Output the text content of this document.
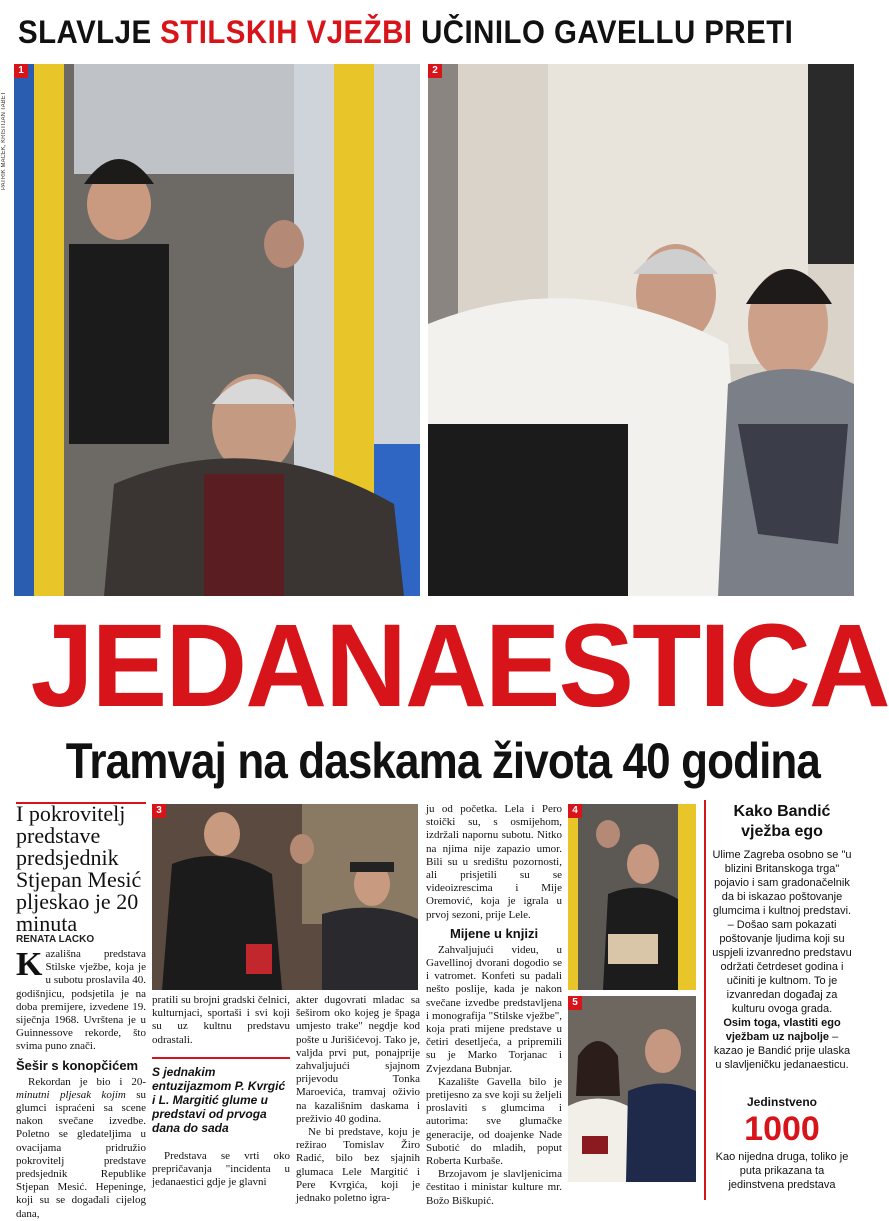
SLAVLJE STILSKIH VJEŽBI UČINILO GAVELLU PRETI
PATRIK MACEK, KRISTIJAN TABET
1	2
JEDANAESTICA
Tramvaj na daskama života 40 godina
I pokrovitelj predstave predsjednik Stjepan Mesić pljeskao je 20 minuta
RENATA LACKO

Kazališna predstava Stilske vježbe, koja je u subotu proslavila 40. godišnjicu, podsjetila je na doba premijere, izvedene 19. siječnja 1968. Uvrštena je u Guinnessove rekorde, što svima puno znači.

Šešir s konopčićem

Rekordan je bio i 20-minutni pljesak kojim su glumci ispraćeni sa scene nakon svečane izvedbe. Poletno se gledateljima u ovacijama pridružio pokrovitelj predstave predsjednik Republike Stjepan Mesić. Hepeninge, koji su se događali cijelog dana,

3

pratili su brojni gradski čelnici, kulturnjaci, sportaši i svi koji su uz kultnu predstavu odrastali.

S jednakim entuzijazmom P. Kvrgić i L. Margitić glume u predstavi od prvoga dana do sada

Predstava se vrti oko prepričavanja "incidenta u jedanaestici gdje je glavni

akter dugovrati mladac sa šeširom oko kojeg je špaga umjesto trake" negdje kod pošte u Jurišićevoj. Tako je, valjda prvi put, ponajprije zahvaljujući sjajnom prijevodu Tonka Maroevića, tramvaj oživio na kazališnim daskama i preživio 40 godina.

Ne bi predstave, koju je režirao Tomislav Žiro Radić, bilo bez sjajnih glumaca Lele Margitić i Pere Kvrgića, koji je jednako poletno igra-

ju od početka. Lela i Pero stoički su, s osmijehom, izdržali napornu subotu. Nitko na njima nije zapazio umor. Bili su u središtu pozornosti, ali prisjetili su se videoizrescima i Mije Oremović, koja je igrala u prvoj sezoni, prije Lele.

Mijene u knjizi

Zahvaljujući videu, u Gavellinoj dvorani dogodio se i vatromet. Konfeti su padali nešto poslije, kada je nakon svečane izvedbe predstavljena i monografija "Stilske vježbe", koja prati mijene predstave u četiri desetljeća, a pripremili su je Marko Torjanac i Zvjezdana Bubnjar.

Kazalište Gavella bilo je pretijesno za sve koji su željeli proslaviti s glumcima i autorima: sve glumačke generacije, od doajenke Nade Subotić do mladih, poput Roberta Kurbaše.

Brzojavom je slavljenicima čestitao i ministar kulture mr. Božo Biškupić.

4
5
Kako Bandić vježba ego
Ulime Zagreba osobno se "u blizini Britanskoga trga" pojavio i sam gradonačelnik da bi iskazao poštovanje glumcima i kultnoj predstavi.
– Došao sam pokazati poštovanje ljudima koji su uspjeli izvanredno predstavu održati četrdeset godina i učiniti je kultnom. To je izvanredan događaj za kulturu ovoga grada.
Osim toga, vlastiti ego vježbam uz najbolje – kazao je Bandić prije ulaska u slavljeničku jedanaesticu.
Jedinstveno
1000
Kao nijedna druga, toliko je puta prikazana ta jedinstvena predstava
